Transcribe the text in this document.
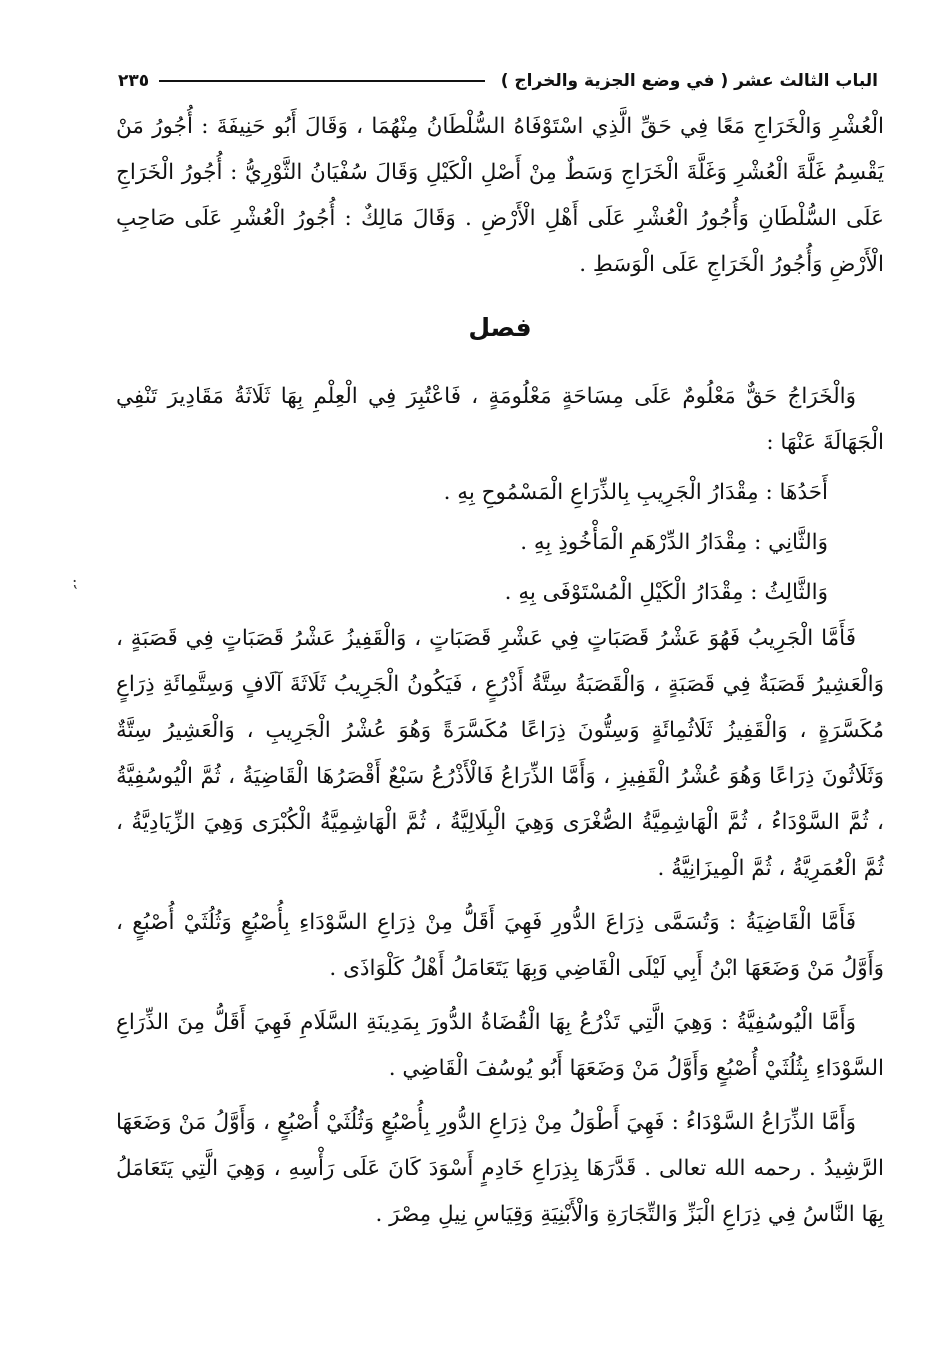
الباب الثالث عشر ( في وضع الجزية والخراج )
٢٣٥

الْعُشْرِ وَالْخَرَاجِ مَعًا فِي حَقِّ الَّذِي اسْتَوْفَاهُ السُّلْطَانُ مِنْهُمَا ، وَقَالَ أَبُو حَنِيفَةَ : أُجُورُ مَنْ يَقْسِمُ غَلَّةَ الْعُشْرِ وَغَلَّةَ الْخَرَاجِ وَسَطٌ مِنْ أَصْلِ الْكَيْلِ وَقَالَ سُفْيَانُ الثَّوْرِيُّ : أُجُورُ الْخَرَاجِ عَلَى السُّلْطَانِ وَأُجُورُ الْعُشْرِ عَلَى أَهْلِ الْأَرْضِ . وَقَالَ مَالِكٌ : أُجُورُ الْعُشْرِ عَلَى صَاحِبِ الْأَرْضِ وَأُجُورُ الْخَرَاجِ عَلَى الْوَسَطِ .

فصل

وَالْخَرَاجُ حَقٌّ مَعْلُومٌ عَلَى مِسَاحَةٍ مَعْلُومَةٍ ، فَاعْتُبِرَ فِي الْعِلْمِ بِهَا ثَلَاثَةُ مَقَادِيرَ تَنْفِي الْجَهَالَةَ عَنْهَا :

أَحَدُهَا : مِقْدَارُ الْجَرِيبِ بِالذِّرَاعِ الْمَسْمُوحِ بِهِ .

وَالثَّانِي : مِقْدَارُ الدِّرْهَمِ الْمَأْخُوذِ بِهِ .

وَالثَّالِثُ : مِقْدَارُ الْكَيْلِ الْمُسْتَوْفَى بِهِ .

فَأَمَّا الْجَرِيبُ فَهُوَ عَشْرُ قَصَبَاتٍ فِي عَشْرِ قَصَبَاتٍ ، وَالْقَفِيزُ عَشْرُ قَصَبَاتٍ فِي قَصَبَةٍ ، وَالْعَشِيرُ قَصَبَةٌ فِي قَصَبَةٍ ، وَالْقَصَبَةُ سِتَّةُ أَذْرُعٍ ، فَيَكُونُ الْجَرِيبُ ثَلَاثَةَ آلَافٍ وَسِتَّمِائَةِ ذِرَاعٍ مُكَسَّرَةٍ ، وَالْقَفِيزُ ثَلَاثُمِائَةٍ وَسِتُّونَ ذِرَاعًا مُكَسَّرَةً وَهُوَ عُشْرُ الْجَرِيبِ ، وَالْعَشِيرُ سِتَّةٌ وَثَلَاثُونَ ذِرَاعًا وَهُوَ عُشْرُ الْقَفِيزِ ، وَأَمَّا الذِّرَاعُ فَالْأَذْرُعُ سَبْعٌ أَقْصَرُهَا الْقَاضِيَةُ ، ثُمَّ الْيُوسُفِيَّةُ ، ثُمَّ السَّوْدَاءُ ، ثُمَّ الْهَاشِمِيَّةُ الصُّغْرَى وَهِيَ الْبِلَالِيَّةُ ، ثُمَّ الْهَاشِمِيَّةُ الْكُبْرَى وَهِيَ الزِّيَادِيَّةُ ، ثُمَّ الْعُمَرِيَّةُ ، ثُمَّ الْمِيزَانِيَّةُ .

فَأَمَّا الْقَاضِيَةُ : وَتُسَمَّى ذِرَاعَ الدُّورِ فَهِيَ أَقَلُّ مِنْ ذِرَاعِ السَّوْدَاءِ بِأُصْبُعٍ وَثُلُثَيْ أُصْبُعٍ ، وَأَوَّلُ مَنْ وَضَعَهَا ابْنُ أَبِي لَيْلَى الْقَاضِي وَبِهَا يَتَعَامَلُ أَهْلُ كَلْوَاذَى .

وَأَمَّا الْيُوسُفِيَّةُ : وَهِيَ الَّتِي تَذْرُعُ بِهَا الْقُضَاةُ الدُّورَ بِمَدِينَةِ السَّلَامِ فَهِيَ أَقَلُّ مِنَ الذِّرَاعِ السَّوْدَاءِ بِثُلُثَيْ أُصْبُعٍ وَأَوَّلُ مَنْ وَضَعَهَا أَبُو يُوسُفَ الْقَاضِي .

وَأَمَّا الذِّرَاعُ السَّوْدَاءُ : فَهِيَ أَطْوَلُ مِنْ ذِرَاعِ الدُّورِ بِأُصْبُعٍ وَثُلُثَيْ أُصْبُعٍ ، وَأَوَّلُ مَنْ وَضَعَهَا الرَّشِيدُ . رحمه الله تعالى . قَدَّرَهَا بِذِرَاعِ خَادِمٍ أَسْوَدَ كَانَ عَلَى رَأْسِهِ ، وَهِيَ الَّتِي يَتَعَامَلُ بِهَا النَّاسُ فِي ذِرَاعِ الْبَزِّ وَالتِّجَارَةِ وَالْأَبْنِيَةِ وَقِيَاسِ نِيلِ مِصْرَ .

⁏
